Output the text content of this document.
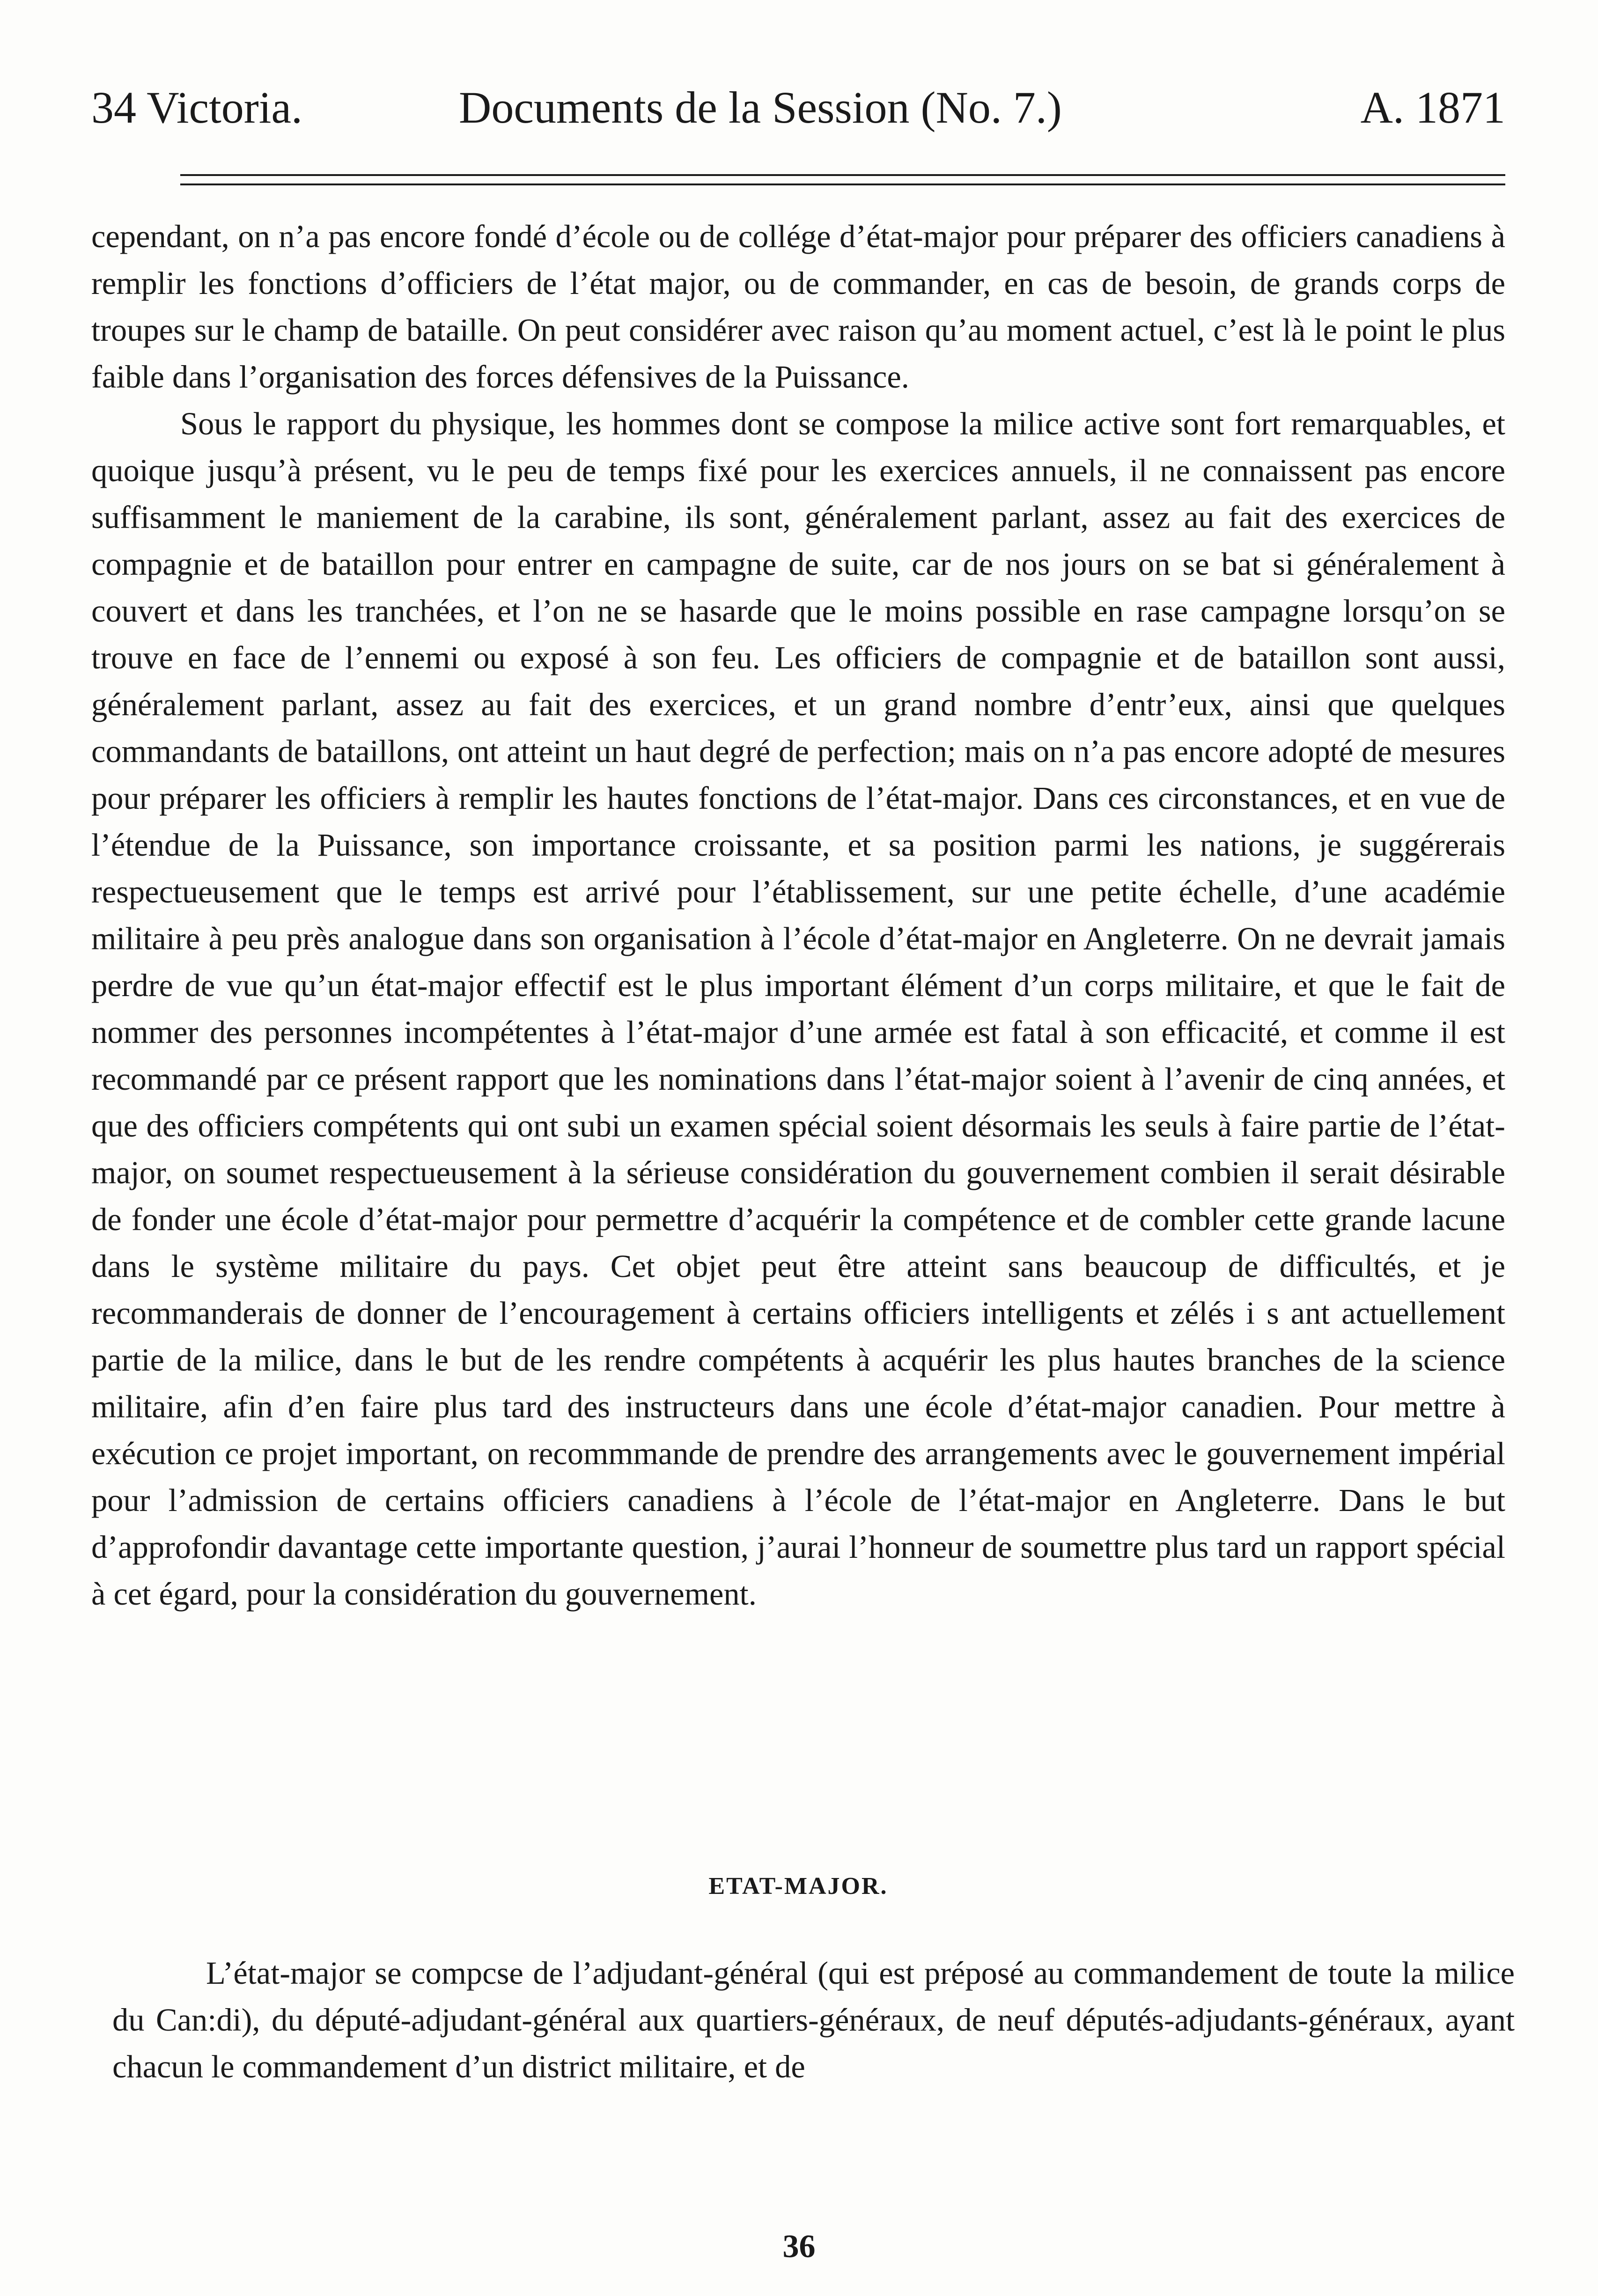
34 Victoria.	Documents de la Session (No. 7.)	A. 1871

cependant, on n’a pas encore fondé d’école ou de collége d’état-major pour préparer des officiers canadiens à remplir les fonctions d’officiers de l’état major, ou de commander, en cas de besoin, de grands corps de troupes sur le champ de bataille. On peut considérer avec raison qu’au moment actuel, c’est là le point le plus faible dans l’organisation des forces défensives de la Puissance.

Sous le rapport du physique, les hommes dont se compose la milice active sont fort remarquables, et quoique jusqu’à présent, vu le peu de temps fixé pour les exercices annuels, il ne connaissent pas encore suffisamment le maniement de la carabine, ils sont, généralement parlant, assez au fait des exercices de compagnie et de bataillon pour entrer en campagne de suite, car de nos jours on se bat si généralement à couvert et dans les tranchées, et l’on ne se hasarde que le moins possible en rase campagne lorsqu’on se trouve en face de l’ennemi ou exposé à son feu. Les officiers de compagnie et de bataillon sont aussi, généralement parlant, assez au fait des exercices, et un grand nombre d’entr’eux, ainsi que quelques commandants de bataillons, ont atteint un haut degré de perfection; mais on n’a pas encore adopté de mesures pour préparer les officiers à remplir les hautes fonctions de l’état-major. Dans ces circonstances, et en vue de l’étendue de la Puissance, son importance croissante, et sa position parmi les nations, je suggérerais respectueusement que le temps est arrivé pour l’établissement, sur une petite échelle, d’une académie militaire à peu près analogue dans son organisation à l’école d’état-major en Angleterre. On ne devrait jamais perdre de vue qu’un état-major effectif est le plus important élément d’un corps militaire, et que le fait de nommer des personnes incompétentes à l’état-major d’une armée est fatal à son efficacité, et comme il est recommandé par ce présent rapport que les nominations dans l’état-major soient à l’avenir de cinq années, et que des officiers compétents qui ont subi un examen spécial soient désormais les seuls à faire partie de l’état-major, on soumet respectueusement à la sérieuse considération du gouvernement combien il serait désirable de fonder une école d’état-major pour permettre d’acquérir la compétence et de combler cette grande lacune dans le système militaire du pays. Cet objet peut être atteint sans beaucoup de difficultés, et je recommanderais de donner de l’encouragement à certains officiers intelligents et zélés i s ant actuellement partie de la milice, dans le but de les rendre compétents à acquérir les plus hautes branches de la science militaire, afin d’en faire plus tard des instructeurs dans une école d’état-major canadien. Pour mettre à exécution ce projet important, on recommmande de prendre des arrangements avec le gouvernement impérial pour l’admission de certains officiers canadiens à l’école de l’état-major en Angleterre. Dans le but d’approfondir davantage cette importante question, j’aurai l’honneur de soumettre plus tard un rapport spécial à cet égard, pour la considération du gouvernement.

ETAT-MAJOR.

L’état-major se compcse de l’adjudant-général (qui est préposé au commandement de toute la milice du Can:di), du député-adjudant-général aux quartiers-généraux, de neuf députés-adjudants-généraux, ayant chacun le commandement d’un district militaire, et de

36
